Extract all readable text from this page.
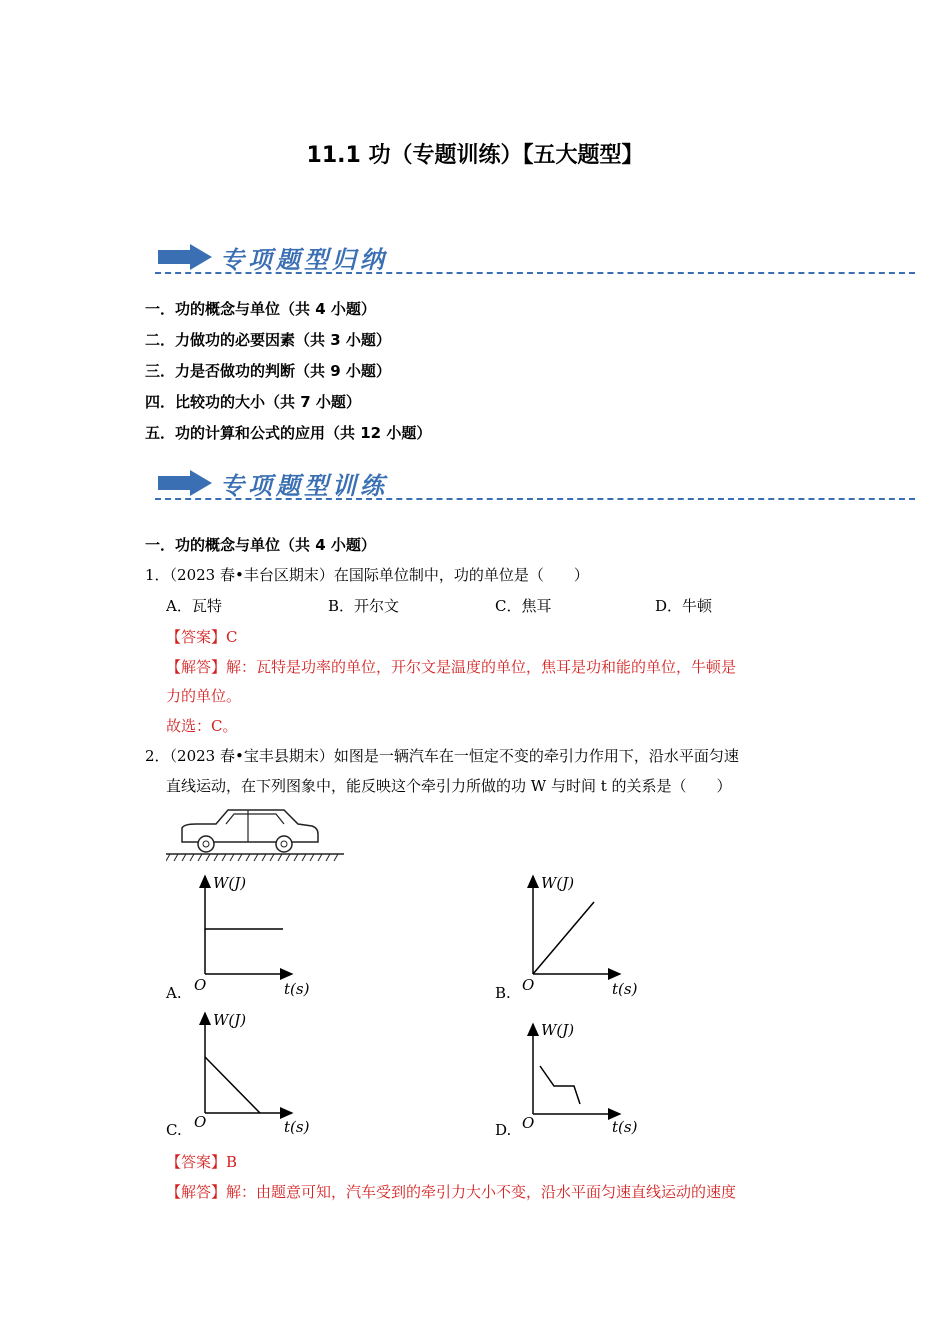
11.1 功（专题训练）【五大题型】
专项题型归纳
一．功的概念与单位（共 4 小题）
二．力做功的必要因素（共 3 小题）
三．力是否做功的判断（共 9 小题）
四．比较功的大小（共 7 小题）
五．功的计算和公式的应用（共 12 小题）
专项题型训练
一．功的概念与单位（共 4 小题）
1．（2023 春•丰台区期末）在国际单位制中，功的单位是（　　）
A．瓦特	B．开尔文	C．焦耳	D．牛顿
【答案】C
【解答】解：瓦特是功率的单位，开尔文是温度的单位，焦耳是功和能的单位，牛顿是
力的单位。
故选：C。
2．（2023 春•宝丰县期末）如图是一辆汽车在一恒定不变的牵引力作用下，沿水平面匀速
直线运动，在下列图象中，能反映这个牵引力所做的功 W 与时间 t 的关系是（　　）
A.
W(J)
t(s)
O	B.
W(J)
t(s)
O
C.
W(J)
t(s)
O	D.
W(J)
t(s)
O
【答案】B
【解答】解：由题意可知，汽车受到的牵引力大小不变，沿水平面匀速直线运动的速度
